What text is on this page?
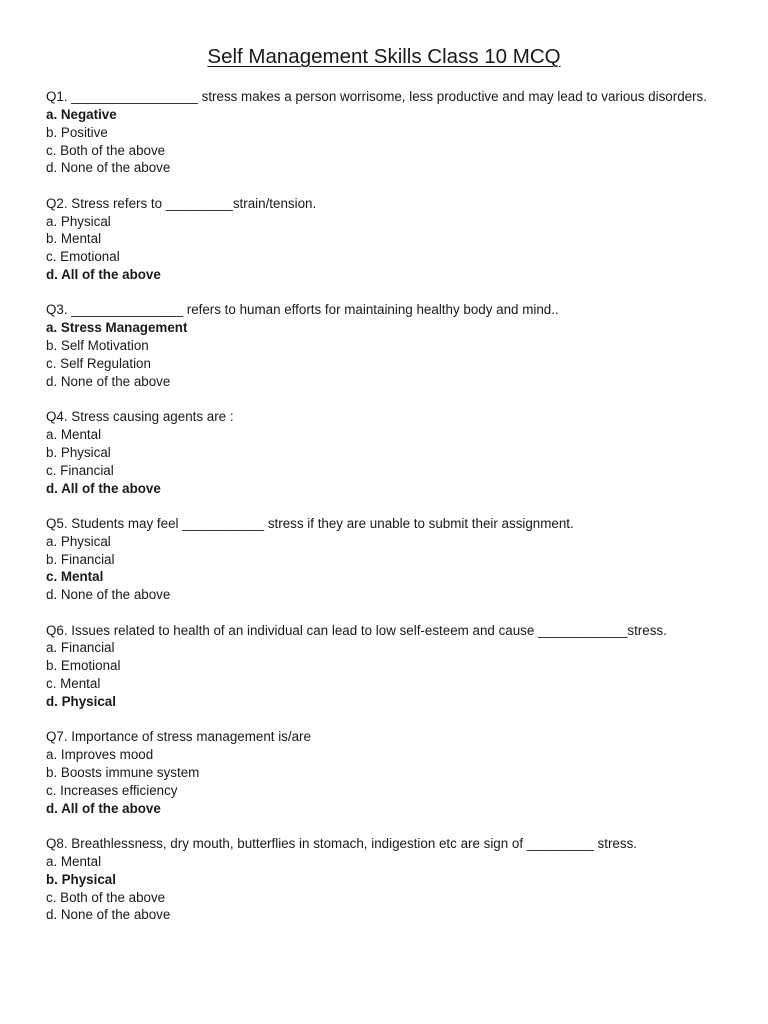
Self Management Skills Class 10 MCQ
Q1. _________________ stress makes a person worrisome, less productive and may lead to various disorders.
a. Negative
b. Positive
c. Both of the above
d. None of the above
Q2. Stress refers to _________strain/tension.
a. Physical
b. Mental
c. Emotional
d. All of the above
Q3. _______________ refers to human efforts for maintaining healthy body and mind..
a. Stress Management
b. Self Motivation
c. Self Regulation
d. None of the above
Q4. Stress causing agents are :
a. Mental
b. Physical
c. Financial
d. All of the above
Q5. Students may feel ___________ stress if they are unable to submit their assignment.
a. Physical
b. Financial
c. Mental
d. None of the above
Q6. Issues related to health of an individual can lead to low self-esteem and cause ____________stress.
a. Financial
b. Emotional
c. Mental
d. Physical
Q7. Importance of stress management is/are
a. Improves mood
b. Boosts immune system
c. Increases efficiency
d. All of the above
Q8. Breathlessness, dry mouth, butterflies in stomach, indigestion etc are sign of _________ stress.
a. Mental
b. Physical
c. Both of the above
d. None of the above
